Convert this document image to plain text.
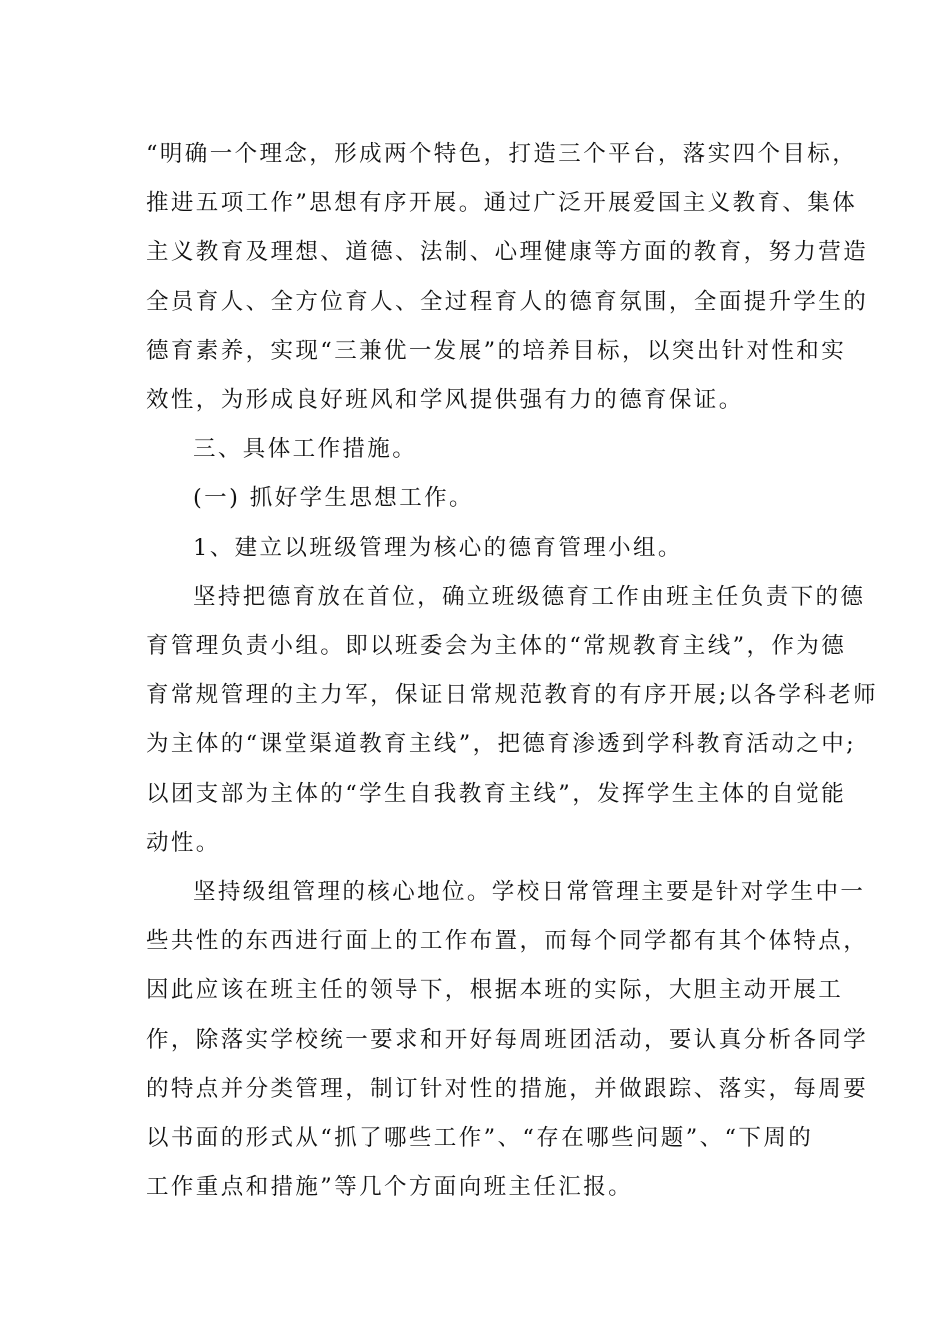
“明确一个理念，形成两个特色，打造三个平台，落实四个目标，
推进五项工作”思想有序开展。通过广泛开展爱国主义教育、集体
主义教育及理想、道德、法制、心理健康等方面的教育，努力营造
全员育人、全方位育人、全过程育人的德育氛围，全面提升学生的
德育素养，实现“三兼优一发展”的培养目标，以突出针对性和实
效性，为形成良好班风和学风提供强有力的德育保证。
三、具体工作措施。
(一) 抓好学生思想工作。
1、建立以班级管理为核心的德育管理小组。
坚持把德育放在首位，确立班级德育工作由班主任负责下的德
育管理负责小组。即以班委会为主体的“常规教育主线”，作为德
育常规管理的主力军，保证日常规范教育的有序开展;以各学科老师
为主体的“课堂渠道教育主线”，把德育渗透到学科教育活动之中;
以团支部为主体的“学生自我教育主线”，发挥学生主体的自觉能
动性。
坚持级组管理的核心地位。学校日常管理主要是针对学生中一
些共性的东西进行面上的工作布置，而每个同学都有其个体特点，
因此应该在班主任的领导下，根据本班的实际，大胆主动开展工
作，除落实学校统一要求和开好每周班团活动，要认真分析各同学
的特点并分类管理，制订针对性的措施，并做跟踪、落实，每周要
以书面的形式从“抓了哪些工作”、“存在哪些问题”、“下周的
工作重点和措施”等几个方面向班主任汇报。
